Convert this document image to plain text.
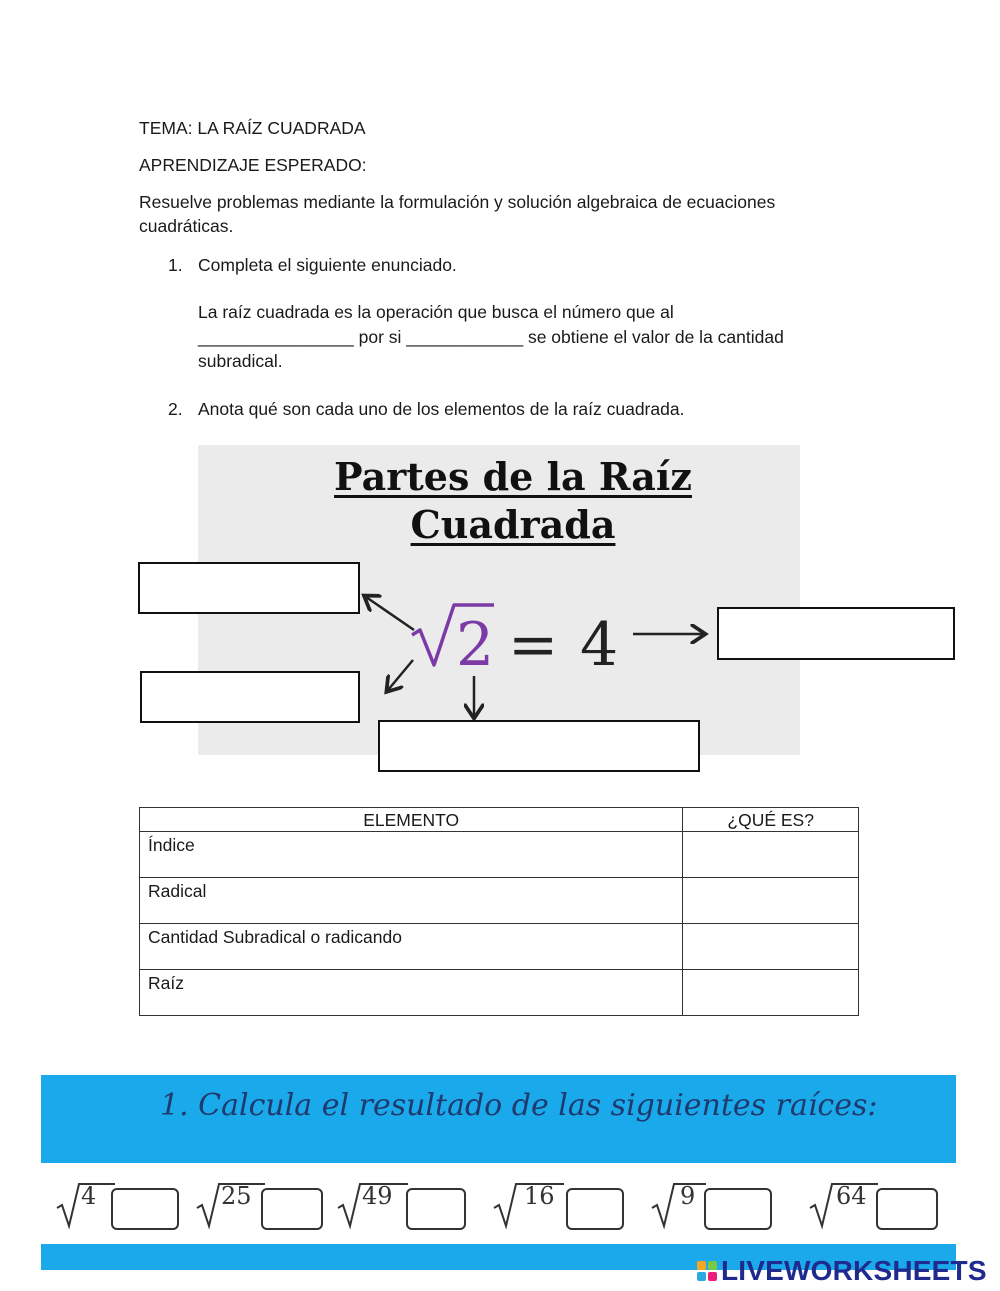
TEMA: LA RAÍZ CUADRADA
APRENDIZAJE ESPERADO:
Resuelve problemas mediante la formulación y solución algebraica de ecuaciones cuadráticas.
1. Completa el siguiente enunciado.
La raíz cuadrada es la operación que busca el número que al
________________ por si ____________ se obtiene el valor de la cantidad
subradical.
2. Anota qué son cada uno de los elementos de la raíz cuadrada.
Partes de la Raíz
Cuadrada
2 = 4
ELEMENTO	¿QUÉ ES?
Índice	
Radical	
Cantidad Subradical o radicando	
Raíz	
1. Calcula el resultado de las siguientes raíces:
4	25	49	16	9	64
LIVEWORKSHEETS
